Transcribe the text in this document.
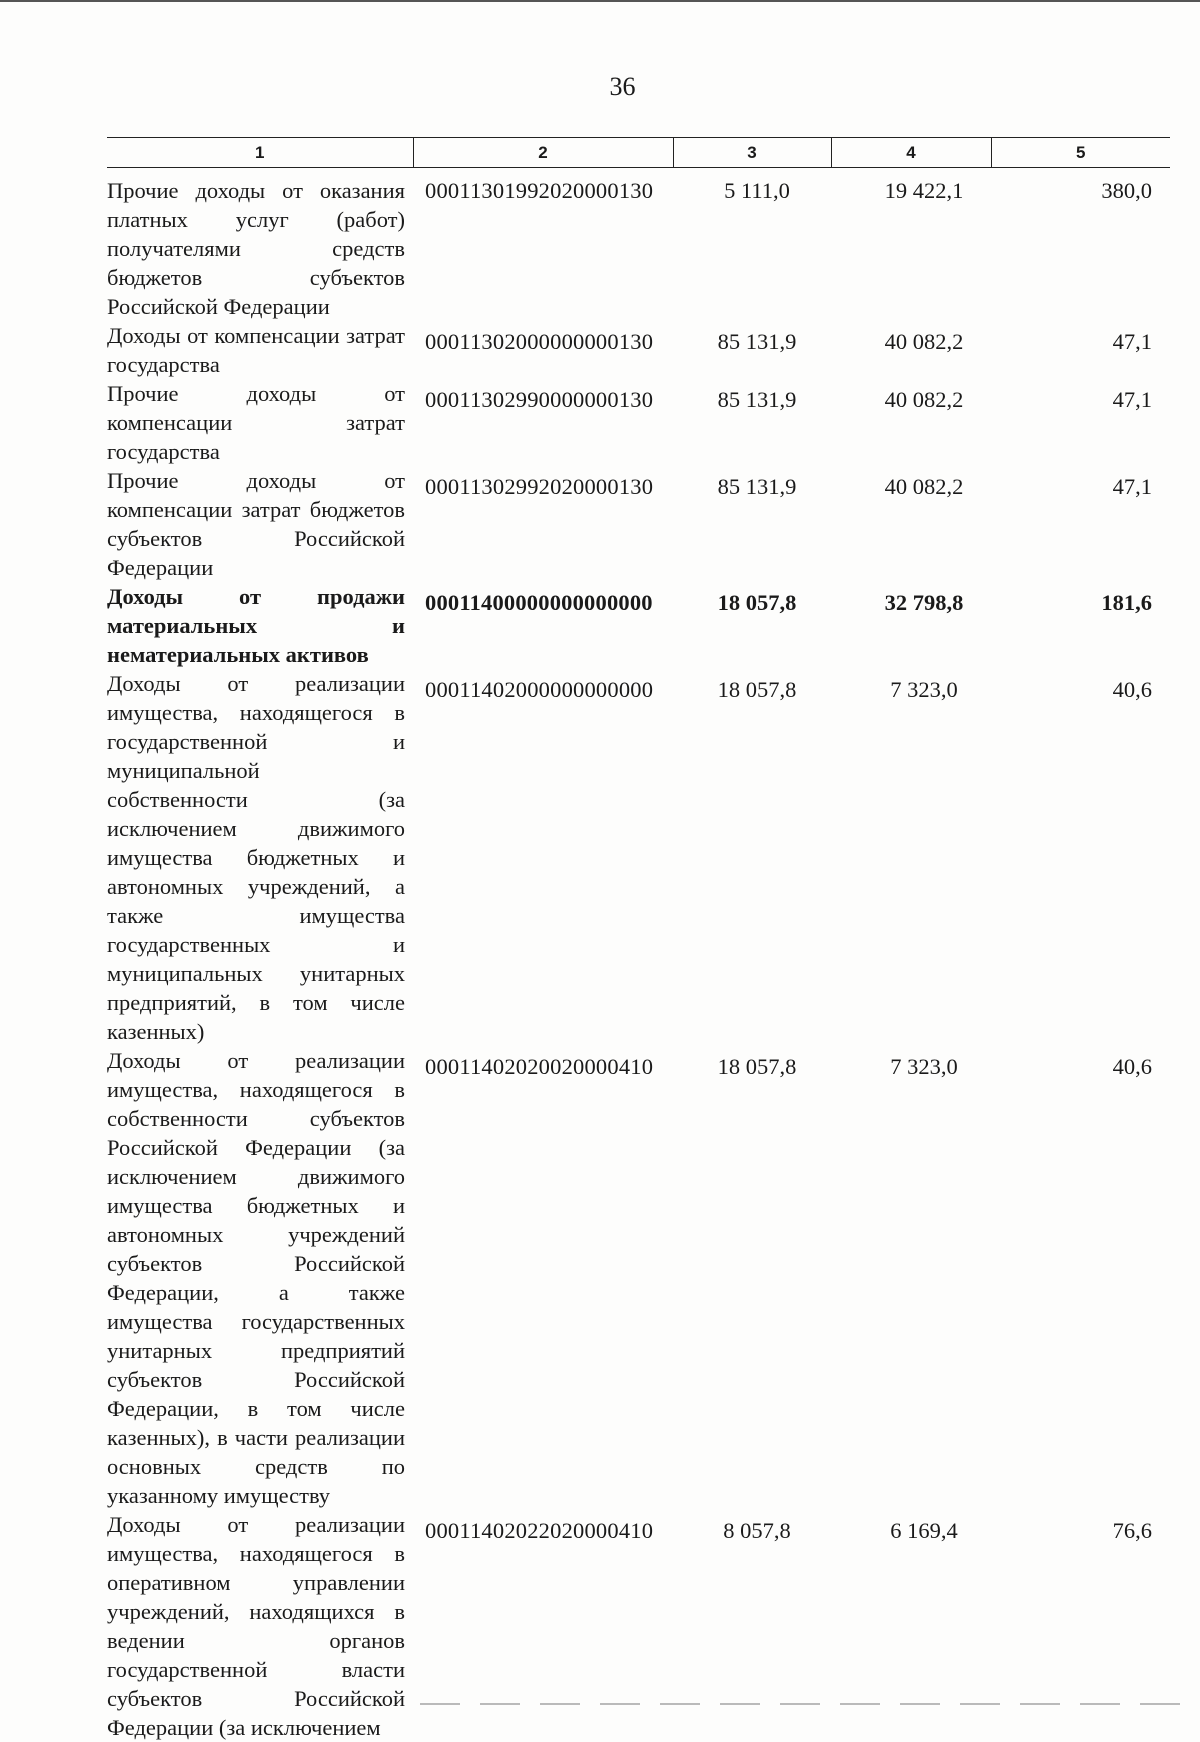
36
1	2	3	4	5
Прочие доходы от оказания платных услуг (работ) получателями средств бюджетов субъектов Российской Федерации	00011301992020000130	5 111,0	19 422,1	380,0
Доходы от компенсации затрат государства	00011302000000000130	85 131,9	40 082,2	47,1
Прочие доходы от компенсации затрат государства	00011302990000000130	85 131,9	40 082,2	47,1
Прочие доходы от компенсации затрат бюджетов субъектов Российской Федерации	00011302992020000130	85 131,9	40 082,2	47,1
Доходы от продажи материальных и нематериальных активов	00011400000000000000	18 057,8	32 798,8	181,6
Доходы от реализации имущества, находящегося в государственной и муниципальной собственности (за исключением движимого имущества бюджетных и автономных учреждений, а также имущества государственных и муниципальных унитарных предприятий, в том числе казенных)	00011402000000000000	18 057,8	7 323,0	40,6
Доходы от реализации имущества, находящегося в собственности субъектов Российской Федерации (за исключением движимого имущества бюджетных и автономных учреждений субъектов Российской Федерации, а также имущества государственных унитарных предприятий субъектов Российской Федерации, в том числе казенных), в части реализации основных средств по указанному имуществу	00011402020020000410	18 057,8	7 323,0	40,6
Доходы от реализации имущества, находящегося в оперативном управлении учреждений, находящихся в ведении органов государственной власти субъектов Российской Федерации (за исключением	00011402022020000410	8 057,8	6 169,4	76,6
